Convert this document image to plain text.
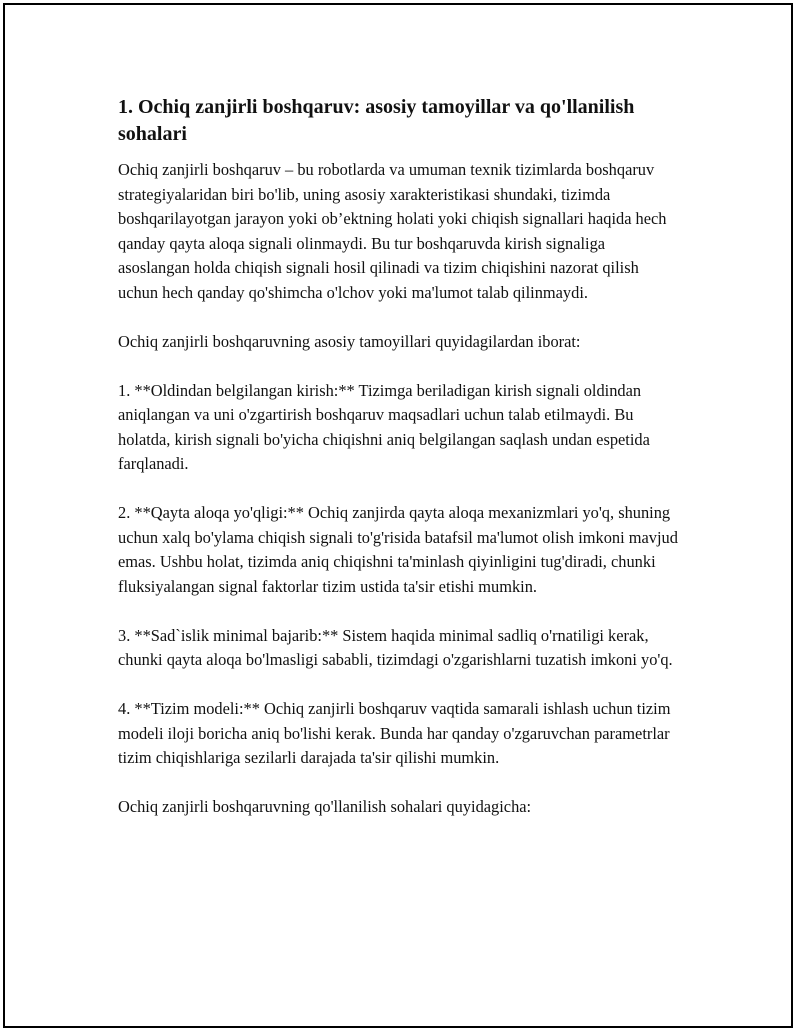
1. Ochiq zanjirli boshqaruv: asosiy tamoyillar va qo'llanilish sohalari

Ochiq zanjirli boshqaruv – bu robotlarda va umuman texnik tizimlarda boshqaruv strategiyalaridan biri bo'lib, uning asosiy xarakteristikasi shundaki, tizimda boshqarilayotgan jarayon yoki ob’ektning holati yoki chiqish signallari haqida hech qanday qayta aloqa signali olinmaydi. Bu tur boshqaruvda kirish signaliga asoslangan holda chiqish signali hosil qilinadi va tizim chiqishini nazorat qilish uchun hech qanday qo'shimcha o'lchov yoki ma'lumot talab qilinmaydi.

Ochiq zanjirli boshqaruvning asosiy tamoyillari quyidagilardan iborat:

1. **Oldindan belgilangan kirish:** Tizimga beriladigan kirish signali oldindan aniqlangan va uni o'zgartirish boshqaruv maqsadlari uchun talab etilmaydi. Bu holatda, kirish signali bo'yicha chiqishni aniq belgilangan saqlash undan espetida farqlanadi.

2. **Qayta aloqa yo'qligi:** Ochiq zanjirda qayta aloqa mexanizmlari yo'q, shuning uchun xalq bo'ylama chiqish signali to'g'risida batafsil ma'lumot olish imkoni mavjud emas. Ushbu holat, tizimda aniq chiqishni ta'minlash qiyinligini tug'diradi, chunki fluksiyalangan signal faktorlar tizim ustida ta'sir etishi mumkin.

3. **Sad`islik minimal bajarib:** Sistem haqida minimal sadliq o'rnatiligi kerak, chunki qayta aloqa bo'lmasligi sababli, tizimdagi o'zgarishlarni tuzatish imkoni yo'q.

4. **Tizim modeli:** Ochiq zanjirli boshqaruv vaqtida samarali ishlash uchun tizim modeli iloji boricha aniq bo'lishi kerak. Bunda har qanday o'zgaruvchan parametrlar tizim chiqishlariga sezilarli darajada ta'sir qilishi mumkin.

Ochiq zanjirli boshqaruvning qo'llanilish sohalari quyidagicha:
